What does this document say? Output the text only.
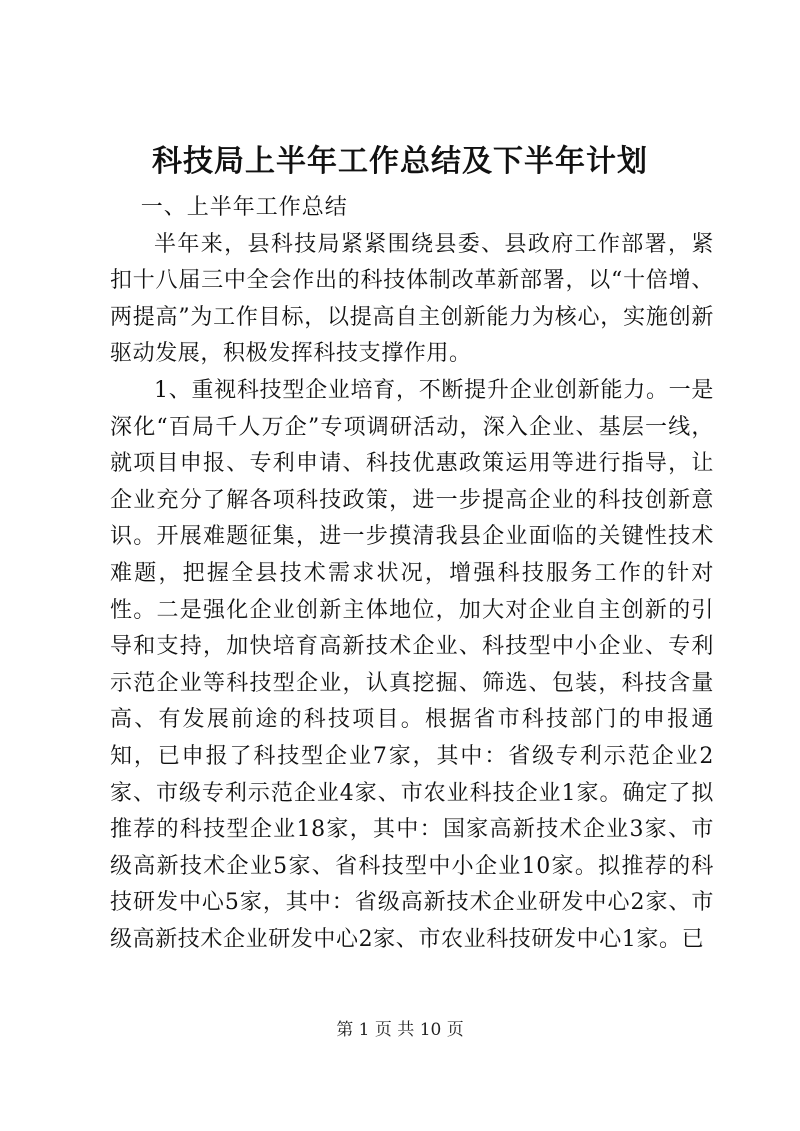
科技局上半年工作总结及下半年计划

一、上半年工作总结

半年来，县科技局紧紧围绕县委、县政府工作部署，紧扣十八届三中全会作出的科技体制改革新部署，以“十倍增、两提高”为工作目标，以提高自主创新能力为核心，实施创新驱动发展，积极发挥科技支撑作用。

1、重视科技型企业培育，不断提升企业创新能力。一是深化“百局千人万企”专项调研活动，深入企业、基层一线，就项目申报、专利申请、科技优惠政策运用等进行指导，让企业充分了解各项科技政策，进一步提高企业的科技创新意识。开展难题征集，进一步摸清我县企业面临的关键性技术难题，把握全县技术需求状况，增强科技服务工作的针对性。二是强化企业创新主体地位，加大对企业自主创新的引导和支持，加快培育高新技术企业、科技型中小企业、专利示范企业等科技型企业，认真挖掘、筛选、包装，科技含量高、有发展前途的科技项目。根据省市科技部门的申报通知，已申报了科技型企业7家，其中：省级专利示范企业2家、市级专利示范企业4家、市农业科技企业1家。确定了拟推荐的科技型企业18家，其中：国家高新技术企业3家、市级高新技术企业5家、省科技型中小企业10家。拟推荐的科技研发中心5家，其中：省级高新技术企业研发中心2家、市级高新技术企业研发中心2家、市农业科技研发中心1家。已

第 1 页 共 10 页
